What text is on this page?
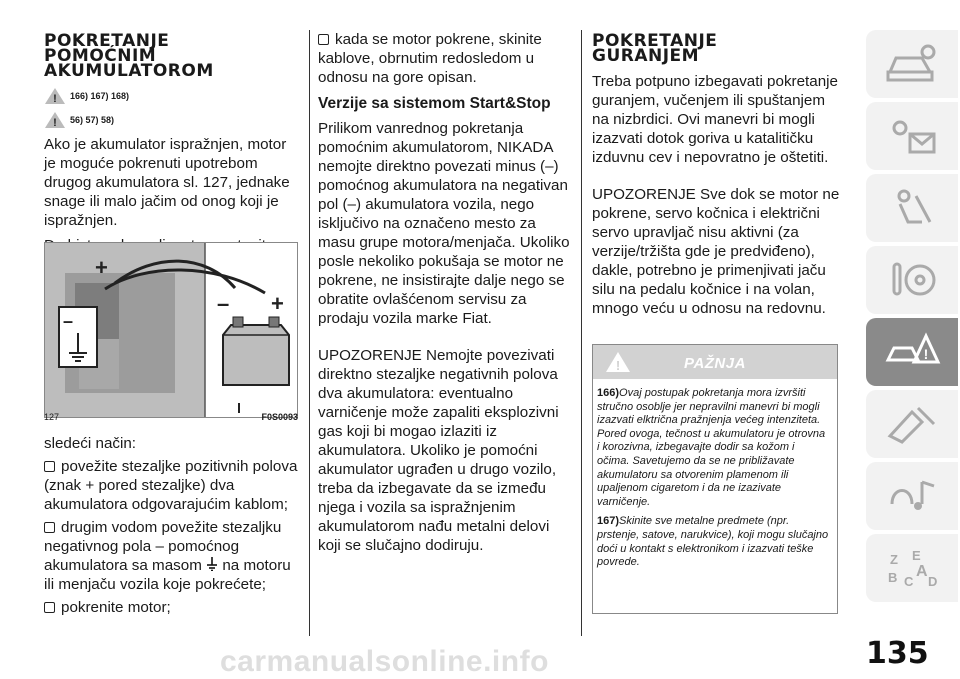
POKRETANJE
POMOĆNIM
AKUMULATOROM
! 166) 167) 168)
! 56) 57) 58)

Ako je akumulator ispražnjen, motor je moguće pokrenuti upotrebom drugog akumulatora sl. 127, jednake snage ili malo jačim od onog koji je ispražnjen.

+
–
– +
127	F0S0093

sledeći način:

povežite stezaljke pozitivnih polova (znak + pored stezaljke) dva akumulatora odgovarajućim kablom;

drugim vodom povežite stezaljku negativnog pola – pomoćnog akumulatora sa masom na motoru ili menjaču vozila koje pokrećete;

pokrenite motor;

kada se motor pokrene, skinite kablove, obrnutim redosledom u odnosu na gore opisan.

Verzije sa sistemom Start&Stop

Prilikom vanrednog pokretanja pomoćnim akumulatorom, NIKADA nemojte direktno povezati minus (–) pomoćnog akumulatora na negativan pol (–) akumulatora vozila, nego isključivo na označeno mesto za masu grupe motora/menjača. Ukoliko posle nekoliko pokušaja se motor ne pokrene, ne insistirajte dalje nego se obratite ovlašćenom servisu za prodaju vozila marke Fiat.

UPOZORENJE Nemojte povezivati direktno stezaljke negativnih polova dva akumulatora: eventualno varničenje može zapaliti eksplozivni gas koji bi mogao izlaziti iz akumulatora. Ukoliko je pomoćni akumulator ugrađen u drugo vozilo, treba da izbegavate da se između njega i vozila sa ispražnjenim akumulatorom nađu metalni delovi koji se slučajno dodiruju.

POKRETANJE
GURANJEM

Treba potpuno izbegavati pokretanje guranjem, vučenjem ili spuštanjem na nizbrdici. Ovi manevri bi mogli izazvati dotok goriva u katalitičku izduvnu cev i nepovratno je oštetiti.

UPOZORENJE Sve dok se motor ne pokrene, servo kočnica i električni servo upravljač nisu aktivni (za verzije/tržišta gde je predviđeno), dakle, potrebno je primenjivati jaču silu na pedalu kočnice i na volan, mnogo veću u odnosu na redovnu.

!	PAŽNJA
166)Ovaj postupak pokretanja mora izvršiti stručno osoblje jer nepravilni manevri bi mogli izazvati elktrična pražnjenja većeg intenziteta. Pored ovoga, tečnost u akumulatoru je otrovna i korozivna, izbegavajte dodir sa kožom i očima. Savetujemo da se ne približavate akumulatoru sa otvorenim plamenom ili upaljenom cigaretom i da ne izazivate varničenje.
167)Skinite sve metalne predmete (npr. prstenje, satove, narukvice), koji mogu slučajno doći u kontakt s elektronikom i izazvati teške povrede.
!
Z E
B C
A
D
carmanualsonline.info	135
